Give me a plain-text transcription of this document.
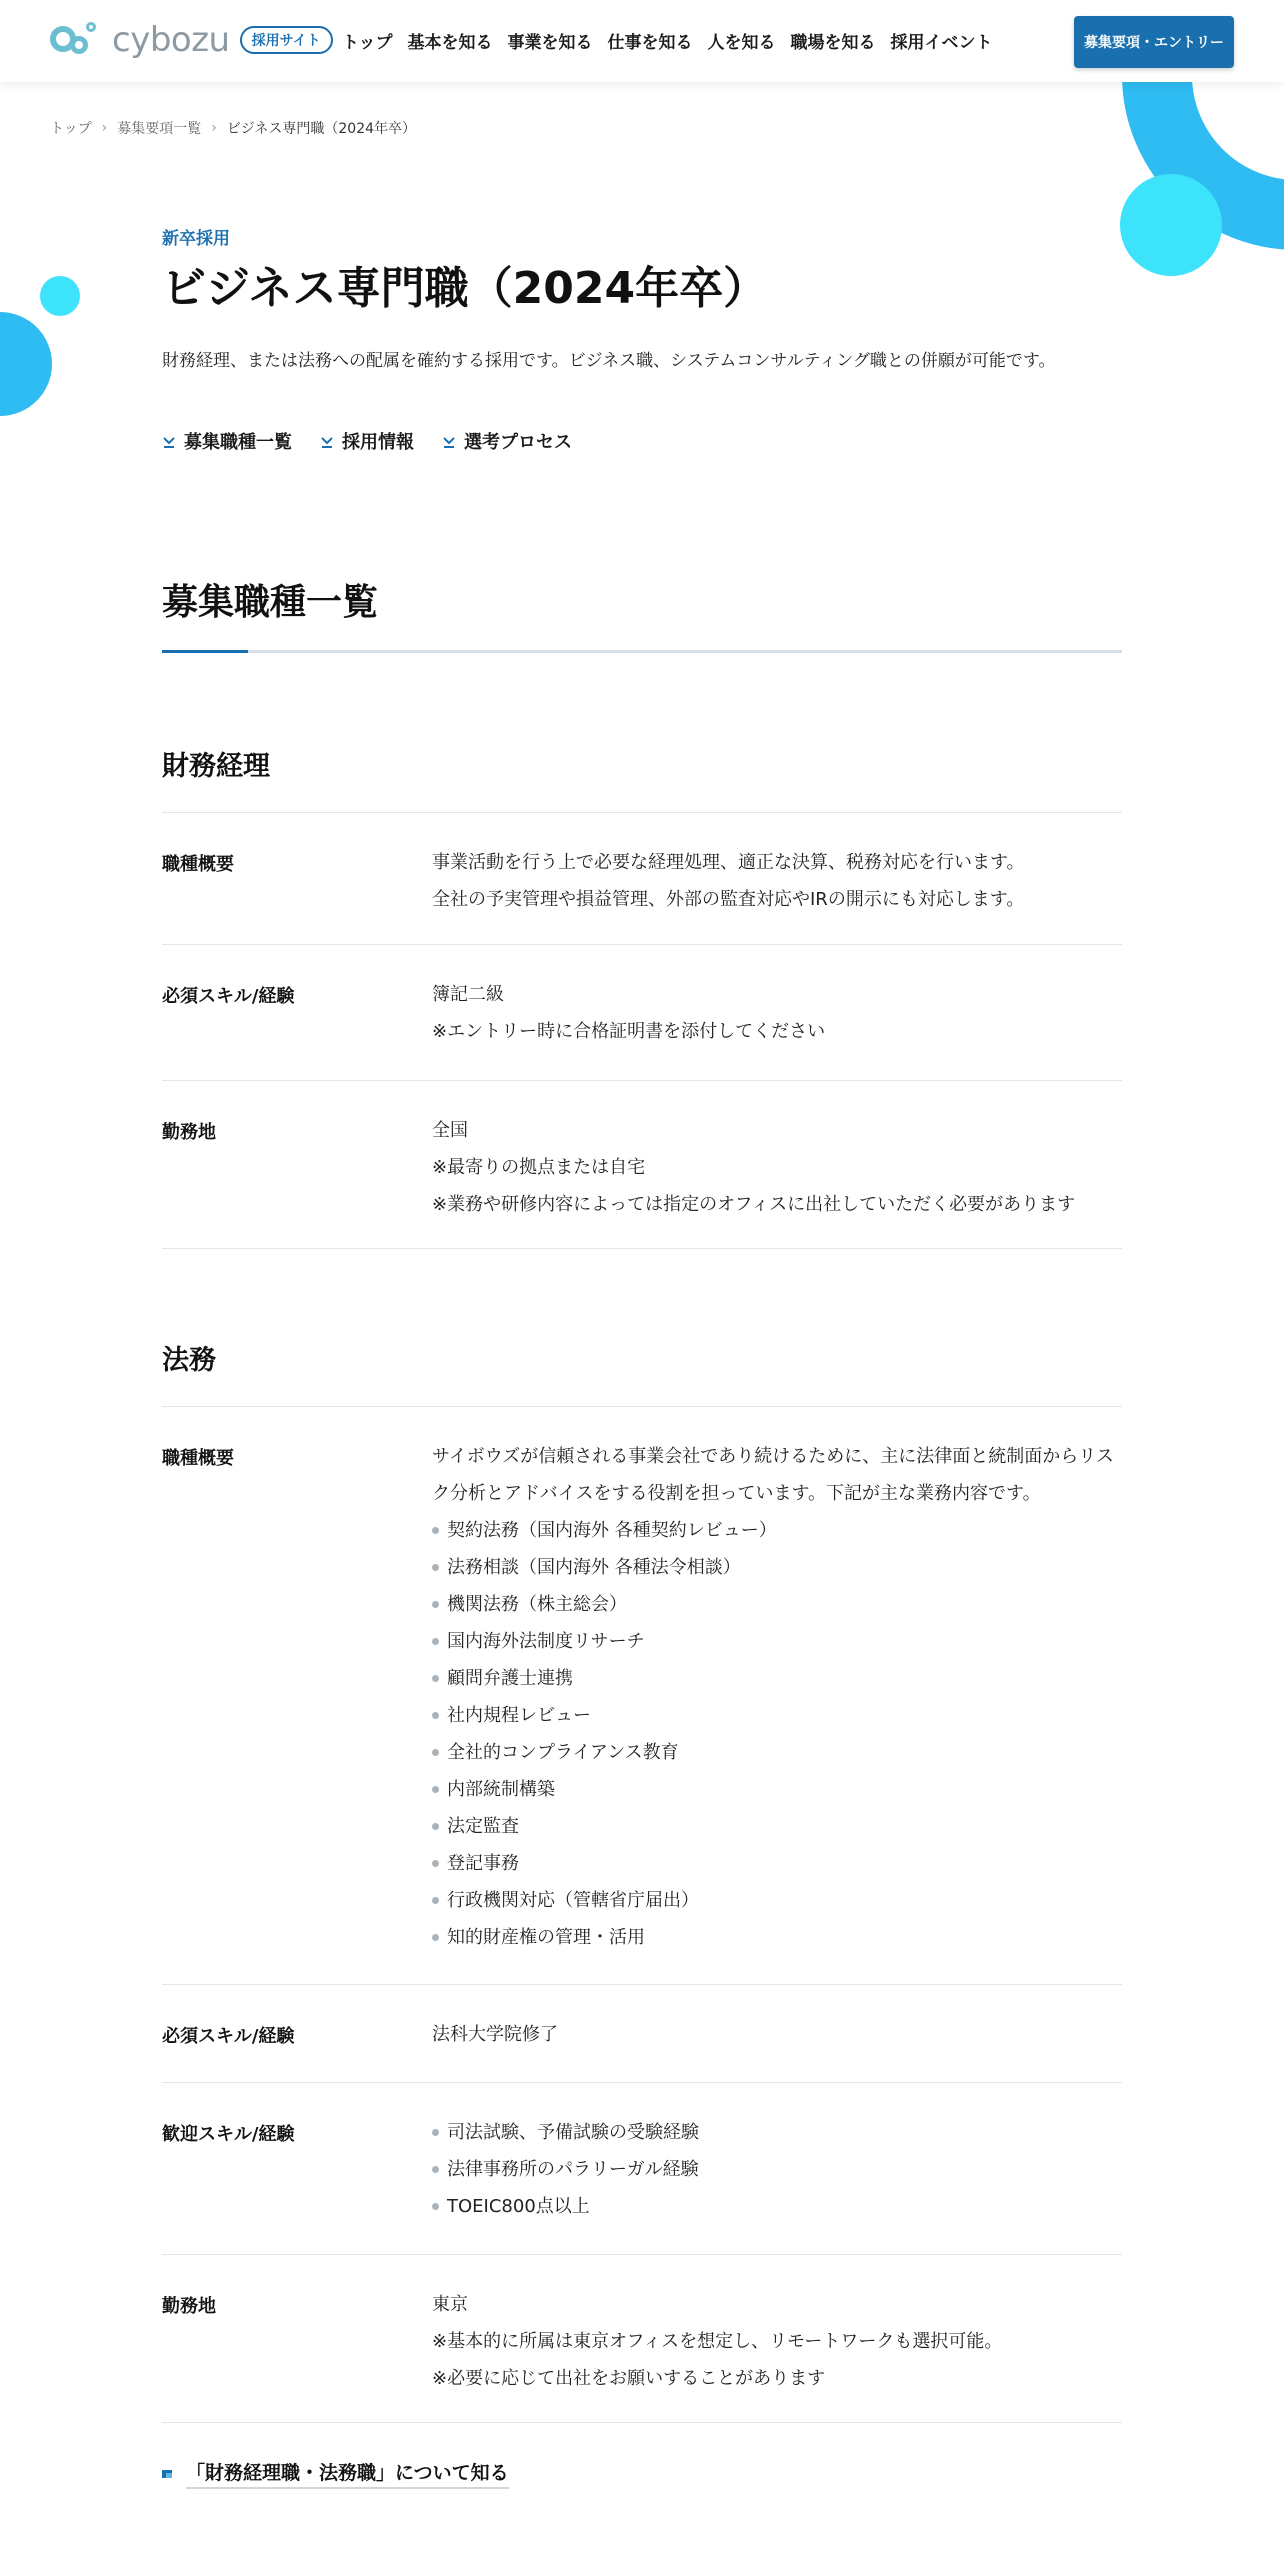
cybozu	採用サイト	トップ 基本を知る 事業を知る 仕事を知る 人を知る 職場を知る 採用イベント	募集要項・エントリー
トップ › 募集要項一覧 › ビジネス専門職（2024年卒）
新卒採用
ビジネス専門職（2024年卒）

財務経理、または法務への配属を確約する採用です。ビジネス職、システムコンサルティング職との併願が可能です。

募集職種一覧	採用情報	選考プロセス
募集職種一覧
財務経理
職種概要	事業活動を行う上で必要な経理処理、適正な決算、税務対応を行います。
全社の予実管理や損益管理、外部の監査対応やIRの開示にも対応します。
必須スキル/経験	簿記二級
※エントリー時に合格証明書を添付してください
勤務地	全国
※最寄りの拠点または自宅
※業務や研修内容によっては指定のオフィスに出社していただく必要があります
法務
職種概要	サイボウズが信頼される事業会社であり続けるために、主に法律面と統制面からリス
ク分析とアドバイスをする役割を担っています。下記が主な業務内容です。
契約法務（国内海外 各種契約レビュー）
法務相談（国内海外 各種法令相談）
機関法務（株主総会）
国内海外法制度リサーチ
顧問弁護士連携
社内規程レビュー
全社的コンプライアンス教育
内部統制構築
法定監査
登記事務
行政機関対応（管轄省庁届出）
知的財産権の管理・活用
必須スキル/経験	法科大学院修了
歓迎スキル/経験	司法試験、予備試験の受験経験
法律事務所のパラリーガル経験
TOEIC800点以上
勤務地	東京
※基本的に所属は東京オフィスを想定し、リモートワークも選択可能。
※必要に応じて出社をお願いすることがあります
「財務経理職・法務職」について知る
